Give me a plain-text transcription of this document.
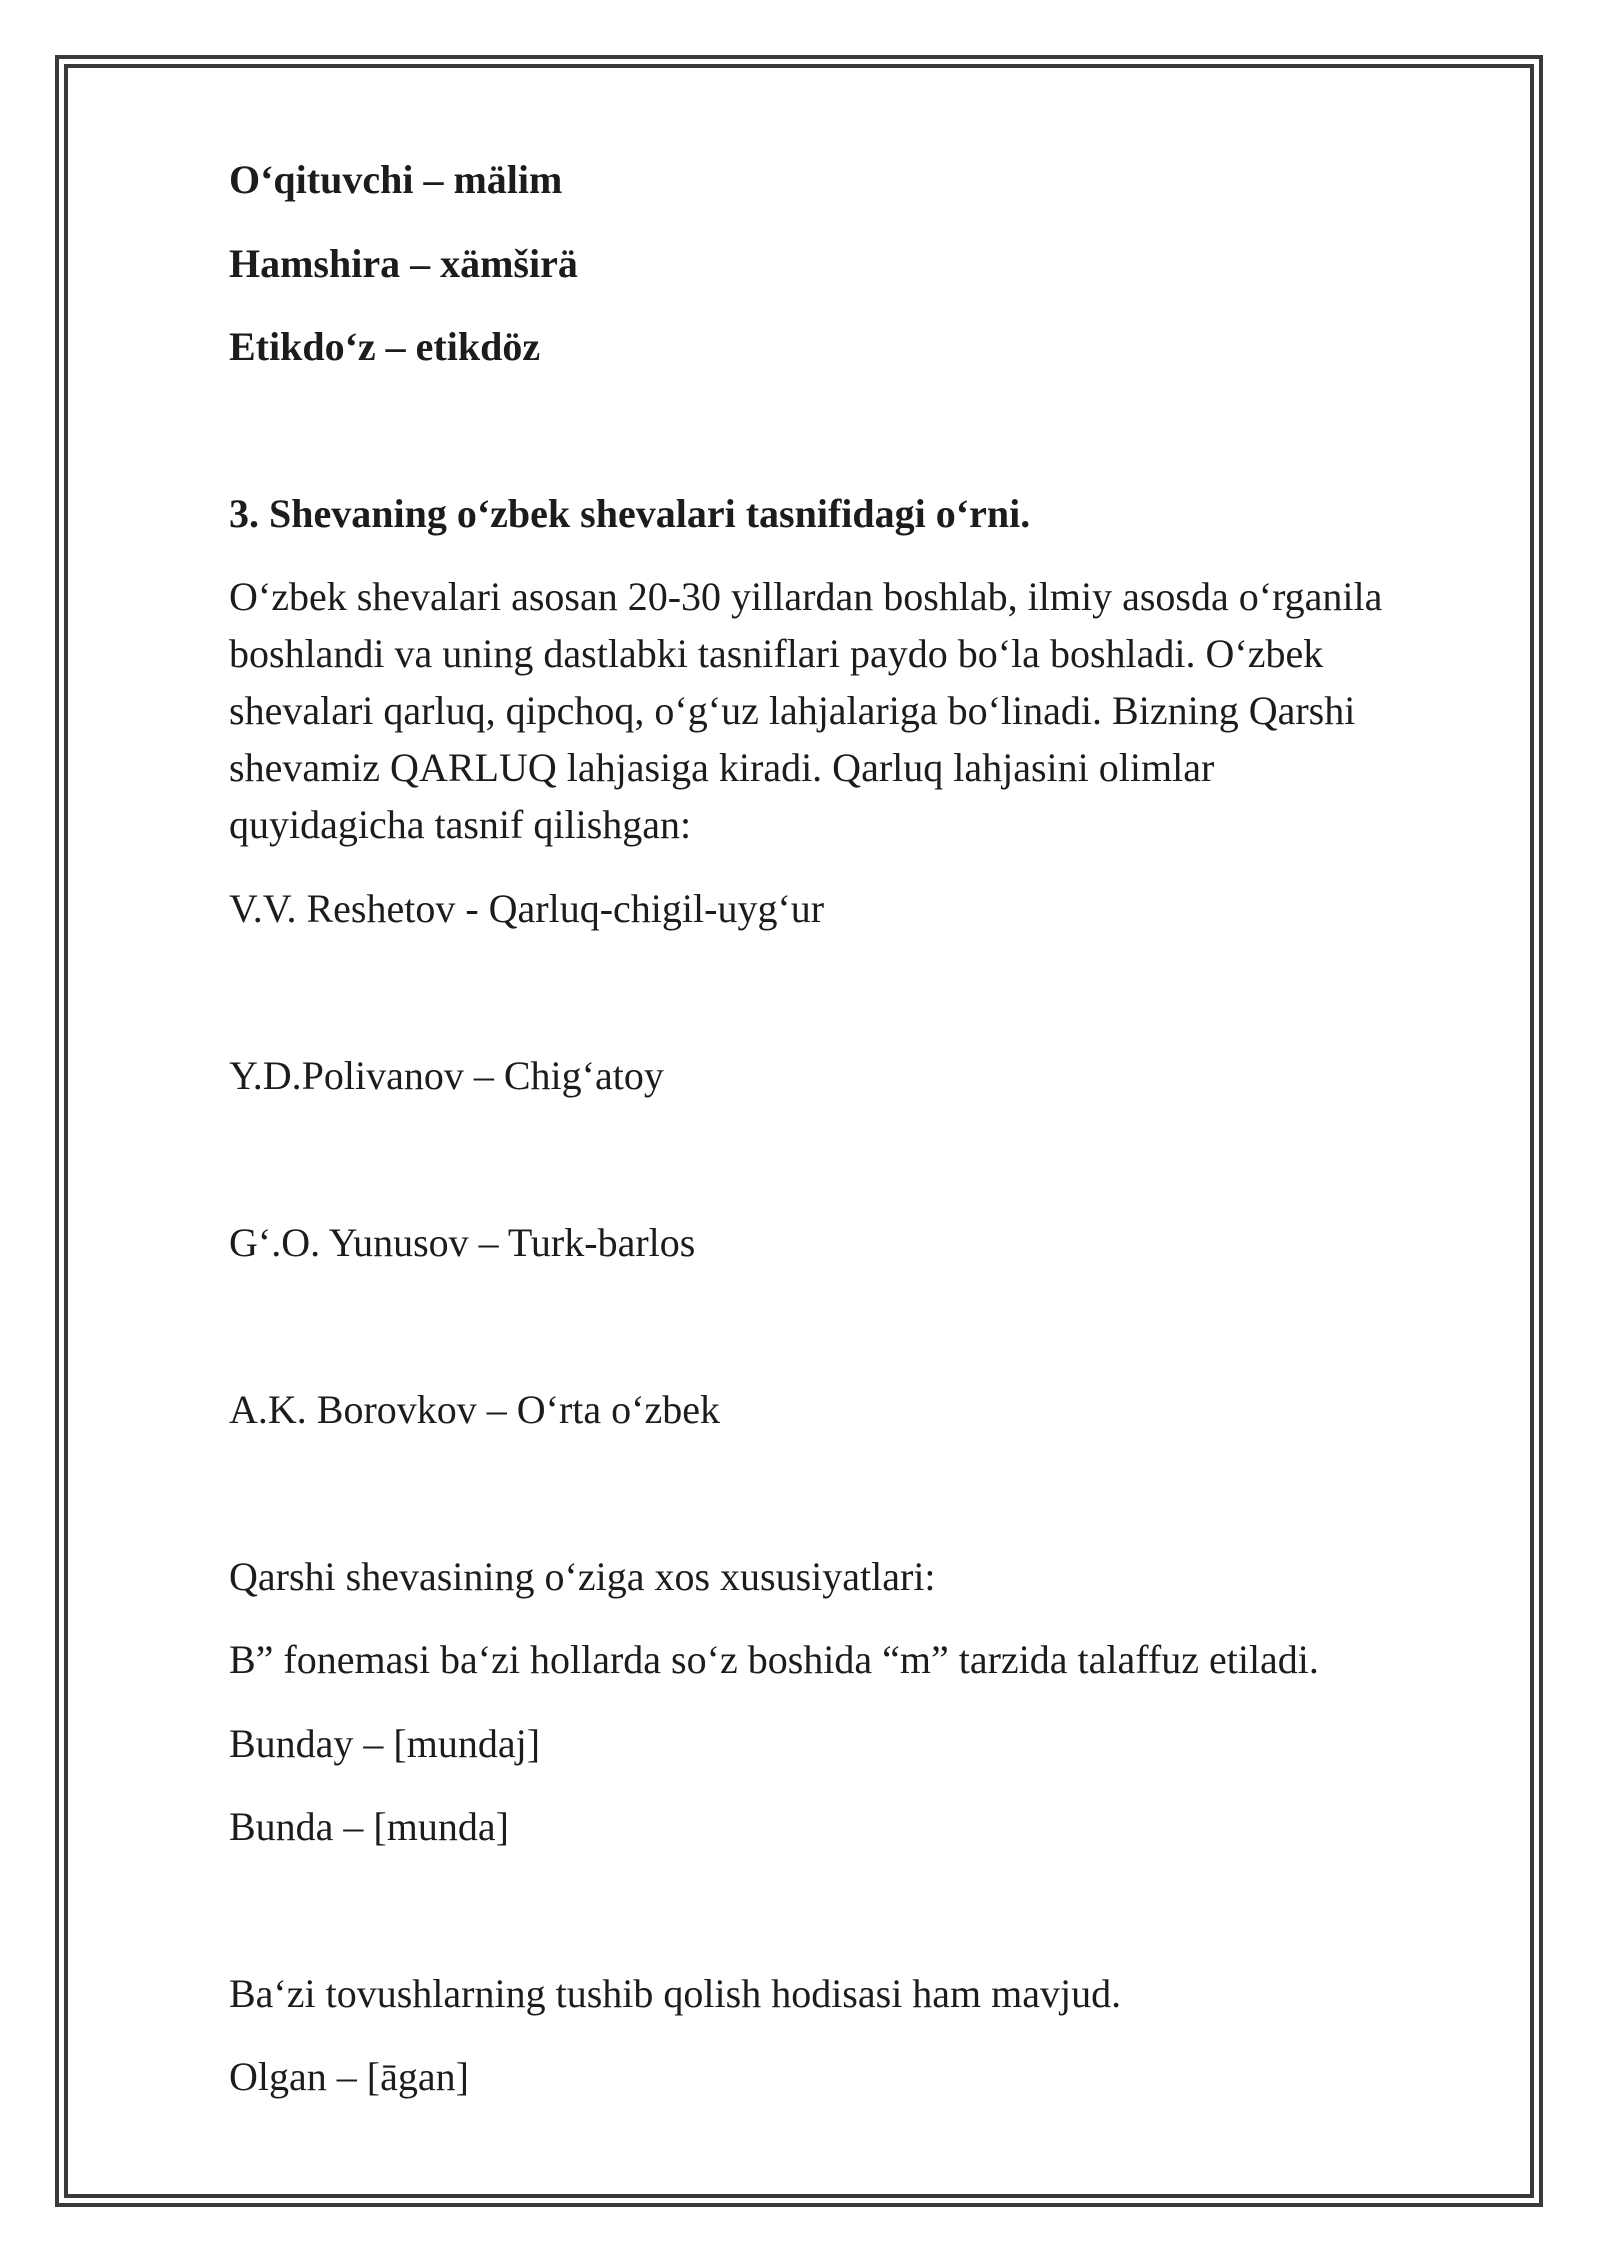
O‘qituvchi – mälim
Hamshira – xämširä
Etikdo‘z – etikdöz
3. Shevaning o‘zbek shevalari tasnifidagi o‘rni.
O‘zbek shevalari asosan 20-30 yillardan boshlab, ilmiy asosda o‘rganila
boshlandi va uning dastlabki tasniflari paydo bo‘la boshladi. O‘zbek
shevalari qarluq, qipchoq, o‘g‘uz lahjalariga bo‘linadi. Bizning Qarshi
shevamiz QARLUQ lahjasiga kiradi. Qarluq lahjasini olimlar
quyidagicha tasnif qilishgan:
V.V. Reshetov - Qarluq-chigil-uyg‘ur
Y.D.Polivanov – Chig‘atoy
G‘.O. Yunusov – Turk-barlos
A.K. Borovkov – O‘rta o‘zbek
Qarshi shevasining o‘ziga xos xususiyatlari:
B” fonemasi ba‘zi hollarda so‘z boshida “m” tarzida talaffuz etiladi.
Bunday – [mundaj]
Bunda – [munda]
Ba‘zi tovushlarning tushib qolish hodisasi ham mavjud.
Olgan – [āgan]
